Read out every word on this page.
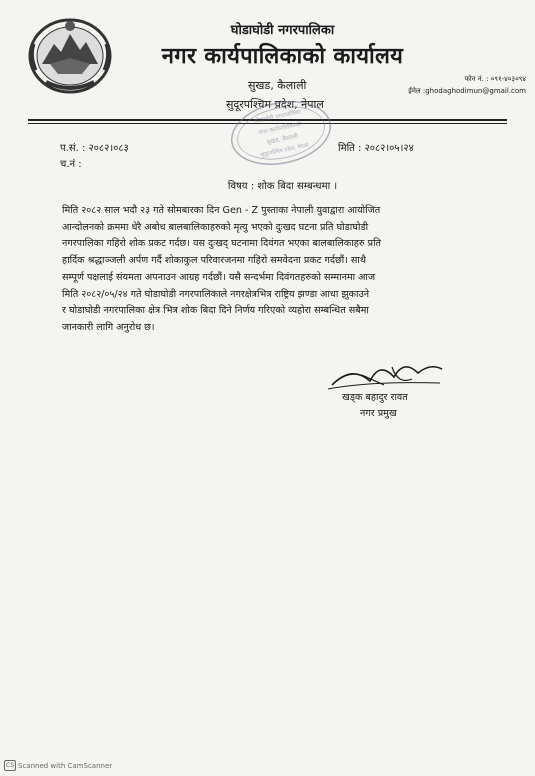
घोडाघोडी नगरपालिका
नगर कार्यपालिकाको कार्यालय
सुखड, कैलाली
सुदूरपश्चिम प्रदेश, नेपाल
फोन नं. : ०९१-४०३०९४
ईमेल :ghodaghodimun@gmail.com
घोडाघोडी नगरपालिका
नगर कार्यपालिकाको
सुखड, कैलाली
सुदूरपश्चिम प्रदेश, नेपाल
प.सं. : २०८२।०८३
च.नं :
मिति : २०८२।०५।२४
विषय : शोक बिदा सम्बन्धमा ।
मिति २०८२ साल भदौ २३ गते सोमबारका दिन Gen - Z पुस्ताका नेपाली युवाद्वारा आयोजित
आन्दोलनको क्रममा धेरै अबोध बालबालिकाहरुको मृत्यु भएको दुःखद घटना प्रति घोडाघोडी
नगरपालिका गहिरो शोक प्रकट गर्दछ। यस दुःखद् घटनामा दिवंगत भएका बालबालिकाहरु प्रति
हार्दिक श्रद्धाञ्जली अर्पण गर्दै शोकाकुल परिवारजनमा गहिरो समवेदना प्रकट गर्दछौं। साथै
सम्पूर्ण पक्षलाई संयमता अपनाउन आग्रह गर्दछौं। यसै सन्दर्भमा दिवंगतहरुको सम्मानमा आज
मिति २०८२/०५/२४ गते घोडाघोडी नगरपालिकाले नगरक्षेत्रभित्र राष्ट्रिय झण्डा आधा झुकाउने
र घोडाघोडी नगरपालिका क्षेत्र भित्र शोक बिदा दिने निर्णय गरिएको व्यहोरा सम्बन्धित सबैमा
जानकारी लागि अनुरोध छ।
खड्क बहादुर रावत
नगर प्रमुख
CS Scanned with CamScanner
